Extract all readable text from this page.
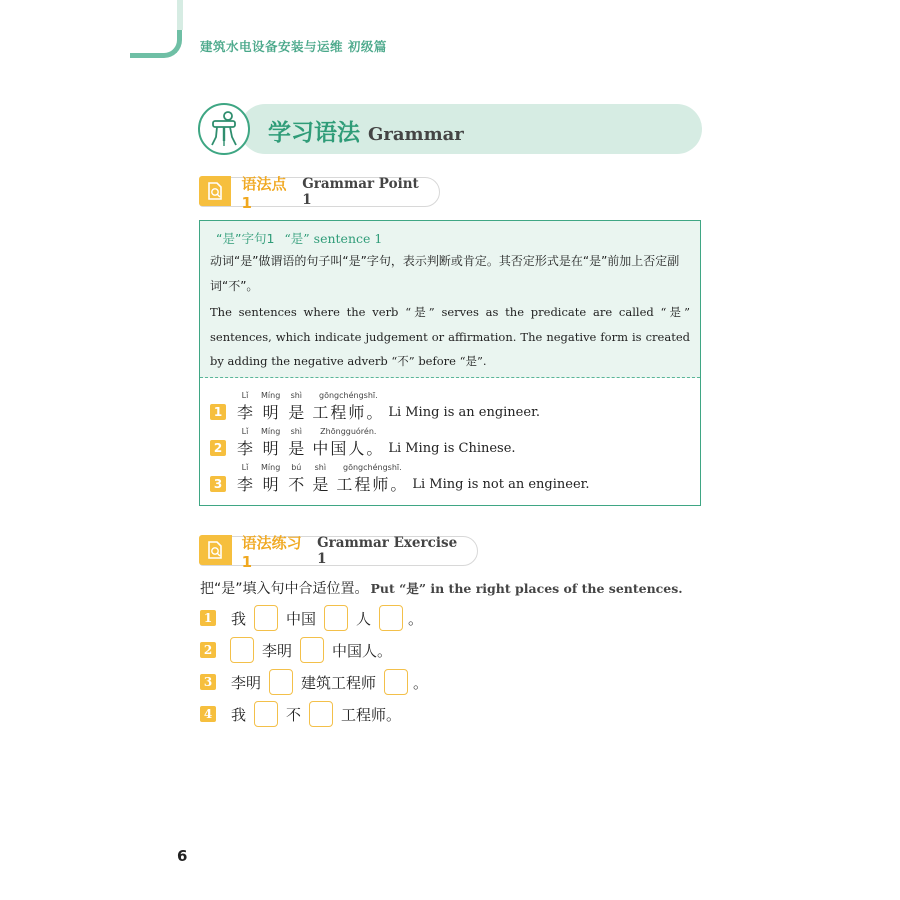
建筑水电设备安装与运维 初级篇
学习语法 Grammar
语法点1
Grammar Point 1
“是”字句1 “是” sentence 1
动词“是”做谓语的句子叫“是”字句，表示判断或肯定。其否定形式是在“是”前加上否定副词“不”。
The sentences where the verb “是” serves as the predicate are called “是” sentences, which indicate judgement or affirmation. The negative form is created by adding the negative adverb “不” before “是”.
1
Lǐ
李
Míng
明
shì
是
gōngchéngshī.
工程师。 Li Ming is an engineer.
2
Lǐ
李
Míng
明
shì
是
Zhōngguórén.
中国人。 Li Ming is Chinese.
3
Lǐ
李
Míng
明
bú
不
shì
是
gōngchéngshī.
工程师。 Li Ming is not an engineer.
语法练习1
Grammar Exercise 1
把“是”填入句中合适位置。 Put “是” in the right places of the sentences.
1 我	中国	人 。
2	李明	中国人。
3 李明	建筑工程师 。
4 我	不	工程师。
6
